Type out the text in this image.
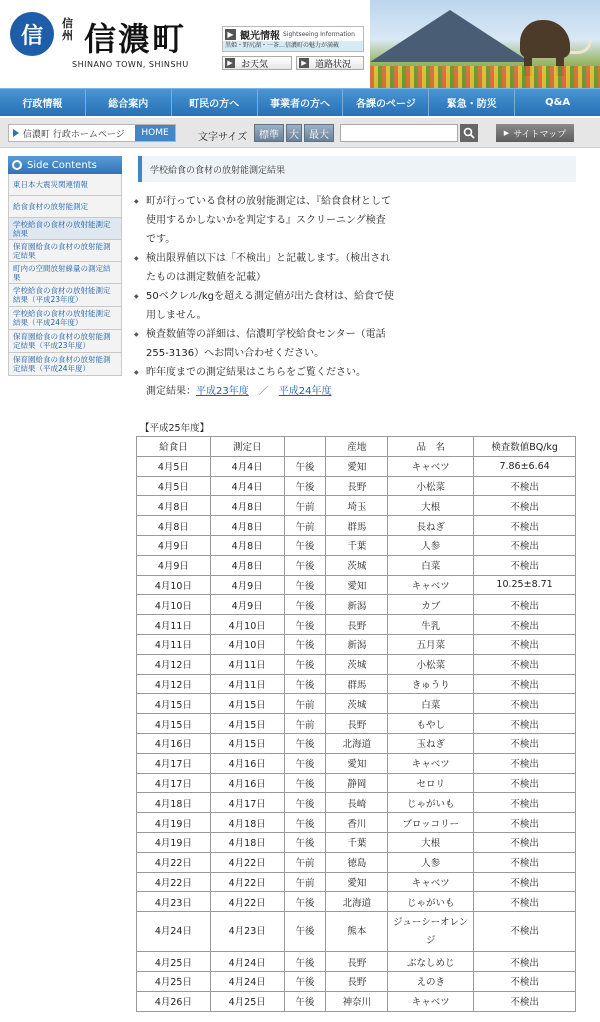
信	信州 信濃町
SHINANO TOWN, SHINSHU
▶ 観光情報 Sightseeing Information
黒姫・野尻湖・一茶…信濃町の魅力が満載
▶ お天気	▶ 道路状況
行政情報	総合案内	町民の方へ	事業者の方へ	各課のページ	緊急・防災	Q&A
信濃町 行政ホームページ	HOME	文字サイズ	標準	大	最大	▶ サイトマップ
Side Contents
東日本大震災関連情報
給食食材の放射能測定
学校給食の食材の放射能測定結果
保育園給食の食材の放射能測定結果
町内の空間放射線量の測定結果
学校給食の食材の放射能測定結果（平成23年度）
学校給食の食材の放射能測定結果（平成24年度）
保育園給食の食材の放射能測定結果（平成23年度）
保育園給食の食材の放射能測定結果（平成24年度）
学校給食の食材の放射能測定結果
◆ 町が行っている食材の放射能測定は、『給食食材として使用するかしないかを判定する』スクリーニング検査です。
◆ 検出限界値以下は「不検出」と記載します。（検出されたものは測定数値を記載）
◆ 50ベクレル/kgを超える測定値が出た食材は、給食で使用しません。
◆ 検査数値等の詳細は、信濃町学校給食センター（電話 255-3136）へお問い合わせください。
◆ 昨年度までの測定結果はこちらをご覧ください。
測定結果：平成23年度 ／ 平成24年度
【平成25年度】
給食日	測定日		産地	品　名	検査数値BQ/kg
4月5日	4月4日	午後	愛知	キャベツ	7.86±6.64
4月5日	4月4日	午後	長野	小松菜	不検出
4月8日	4月8日	午前	埼玉	大根	不検出
4月8日	4月8日	午前	群馬	長ねぎ	不検出
4月9日	4月8日	午後	千葉	人参	不検出
4月9日	4月8日	午後	茨城	白菜	不検出
4月10日	4月9日	午後	愛知	キャベツ	10.25±8.71
4月10日	4月9日	午後	新潟	カブ	不検出
4月11日	4月10日	午後	長野	牛乳	不検出
4月11日	4月10日	午後	新潟	五月菜	不検出
4月12日	4月11日	午後	茨城	小松菜	不検出
4月12日	4月11日	午後	群馬	きゅうり	不検出
4月15日	4月15日	午前	茨城	白菜	不検出
4月15日	4月15日	午前	長野	もやし	不検出
4月16日	4月15日	午後	北海道	玉ねぎ	不検出
4月17日	4月16日	午後	愛知	キャベツ	不検出
4月17日	4月16日	午後	静岡	セロリ	不検出
4月18日	4月17日	午後	長崎	じゃがいも	不検出
4月19日	4月18日	午後	香川	ブロッコリー	不検出
4月19日	4月18日	午後	千葉	大根	不検出
4月22日	4月22日	午前	徳島	人参	不検出
4月22日	4月22日	午前	愛知	キャベツ	不検出
4月23日	4月22日	午後	北海道	じゃがいも	不検出
4月24日	4月23日	午後	熊本	ジューシーオレンジ	不検出
4月25日	4月24日	午後	長野	ぶなしめじ	不検出
4月25日	4月24日	午後	長野	えのき	不検出
4月26日	4月25日	午後	神奈川	キャベツ	不検出
